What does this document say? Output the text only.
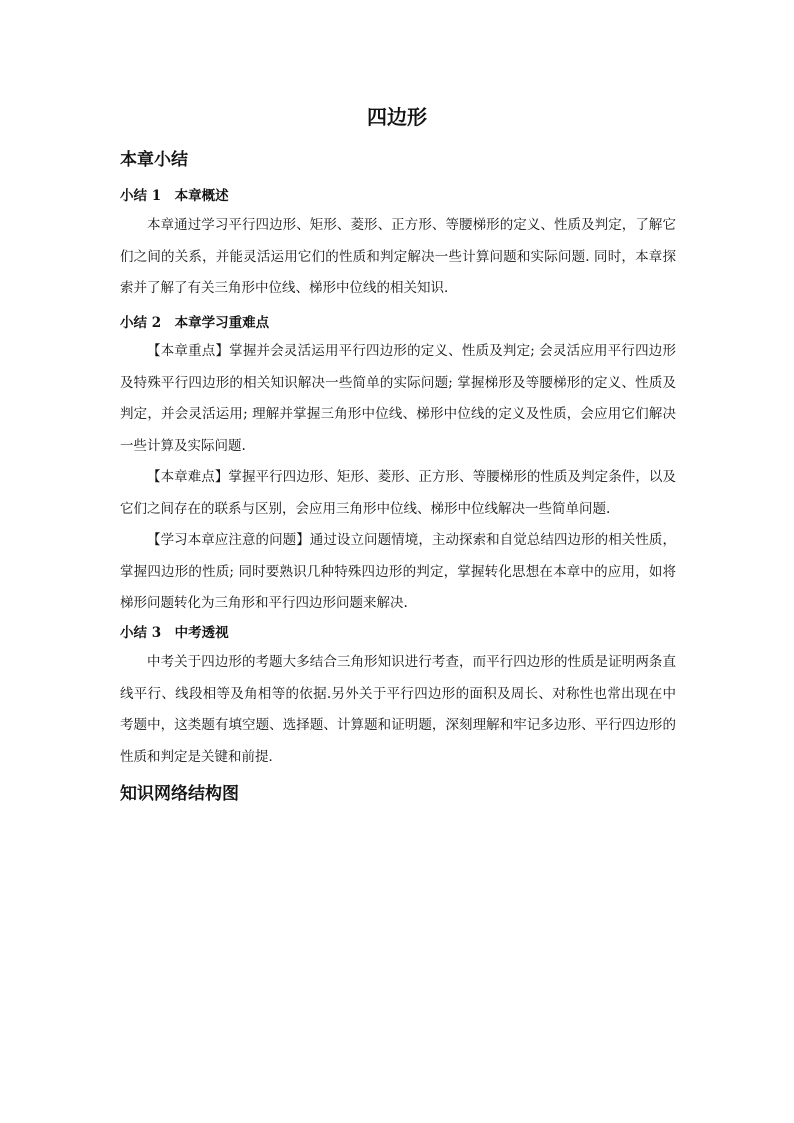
四边形
本章小结
小结 1　本章概述

本章通过学习平行四边形、矩形、菱形、正方形、等腰梯形的定义、性质及判定，了解它们之间的关系，并能灵活运用它们的性质和判定解决一些计算问题和实际问题. 同时，本章探索并了解了有关三角形中位线、梯形中位线的相关知识．

小结 2　本章学习重难点

【本章重点】掌握并会灵活运用平行四边形的定义、性质及判定; 会灵活应用平行四边形及特殊平行四边形的相关知识解决一些简单的实际问题; 掌握梯形及等腰梯形的定义、性质及判定，并会灵活运用; 理解并掌握三角形中位线、梯形中位线的定义及性质，会应用它们解决一些计算及实际问题.

【本章难点】掌握平行四边形、矩形、菱形、正方形、等腰梯形的性质及判定条件，以及它们之间存在的联系与区别，会应用三角形中位线、梯形中位线解决一些简单问题.

【学习本章应注意的问题】通过设立问题情境，主动探索和自觉总结四边形的相关性质，掌握四边形的性质; 同时要熟识几种特殊四边形的判定，掌握转化思想在本章中的应用，如将梯形问题转化为三角形和平行四边形问题来解决.

小结 3　中考透视

中考关于四边形的考题大多结合三角形知识进行考查，而平行四边形的性质是证明两条直线平行、线段相等及角相等的依据.另外关于平行四边形的面积及周长、对称性也常出现在中考题中，这类题有填空题、选择题、计算题和证明题，深刻理解和牢记多边形、平行四边形的性质和判定是关键和前提．

知识网络结构图
